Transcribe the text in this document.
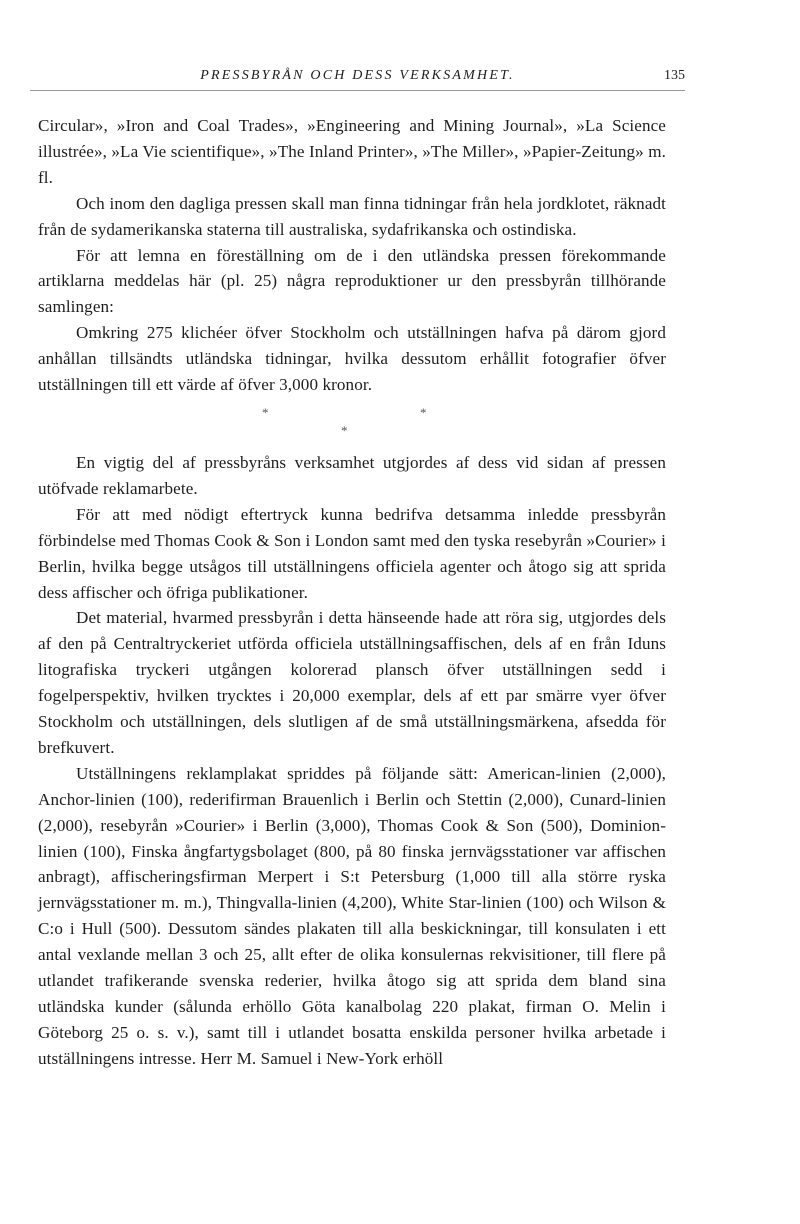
PRESSBYRÅN OCH DESS VERKSAMHET.	135

Circular», »Iron and Coal Trades», »Engineering and Mining Journal», »La Science illustrée», »La Vie scientifique», »The Inland Printer», »The Miller», »Papier-Zeitung» m. fl.

Och inom den dagliga pressen skall man finna tidningar från hela jordklotet, räknadt från de sydamerikanska staterna till australiska, sydafrikanska och ostindiska.

För att lemna en föreställning om de i den utländska pressen förekommande artiklarna meddelas här (pl. 25) några reproduktioner ur den pressbyrån tillhörande samlingen:

Omkring 275 klichéer öfver Stockholm och utställningen hafva på därom gjord anhållan tillsändts utländska tidningar, hvilka dessutom erhållit fotografier öfver utställningen till ett värde af öfver 3,000 kronor.

*	*
*

En vigtig del af pressbyråns verksamhet utgjordes af dess vid sidan af pressen utöfvade reklamarbete.

För att med nödigt eftertryck kunna bedrifva detsamma inledde pressbyrån förbindelse med Thomas Cook & Son i London samt med den tyska resebyrån »Courier» i Berlin, hvilka begge utsågos till utställningens officiela agenter och åtogo sig att sprida dess affischer och öfriga publikationer.

Det material, hvarmed pressbyrån i detta hänseende hade att röra sig, utgjordes dels af den på Centraltryckeriet utförda officiela utställningsaffischen, dels af en från Iduns litografiska tryckeri utgången kolorerad plansch öfver utställningen sedd i fogelperspektiv, hvilken trycktes i 20,000 exemplar, dels af ett par smärre vyer öfver Stockholm och utställningen, dels slutligen af de små utställningsmärkena, afsedda för brefkuvert.

Utställningens reklamplakat spriddes på följande sätt: American-linien (2,000), Anchor-linien (100), rederifirman Brauenlich i Berlin och Stettin (2,000), Cunard-linien (2,000), resebyrån »Courier» i Berlin (3,000), Thomas Cook & Son (500), Dominion-linien (100), Finska ångfartygsbolaget (800, på 80 finska jernvägsstationer var affischen anbragt), affischeringsfirman Merpert i S:t Petersburg (1,000 till alla större ryska jernvägsstationer m. m.), Thingvalla-linien (4,200), White Star-linien (100) och Wilson & C:o i Hull (500). Dessutom sändes plakaten till alla beskickningar, till konsulaten i ett antal vexlande mellan 3 och 25, allt efter de olika konsulernas rekvisitioner, till flere på utlandet trafikerande svenska rederier, hvilka åtogo sig att sprida dem bland sina utländska kunder (sålunda erhöllo Göta kanalbolag 220 plakat, firman O. Melin i Göteborg 25 o. s. v.), samt till i utlandet bosatta enskilda personer hvilka arbetade i utställningens intresse. Herr M. Samuel i New-York erhöll
